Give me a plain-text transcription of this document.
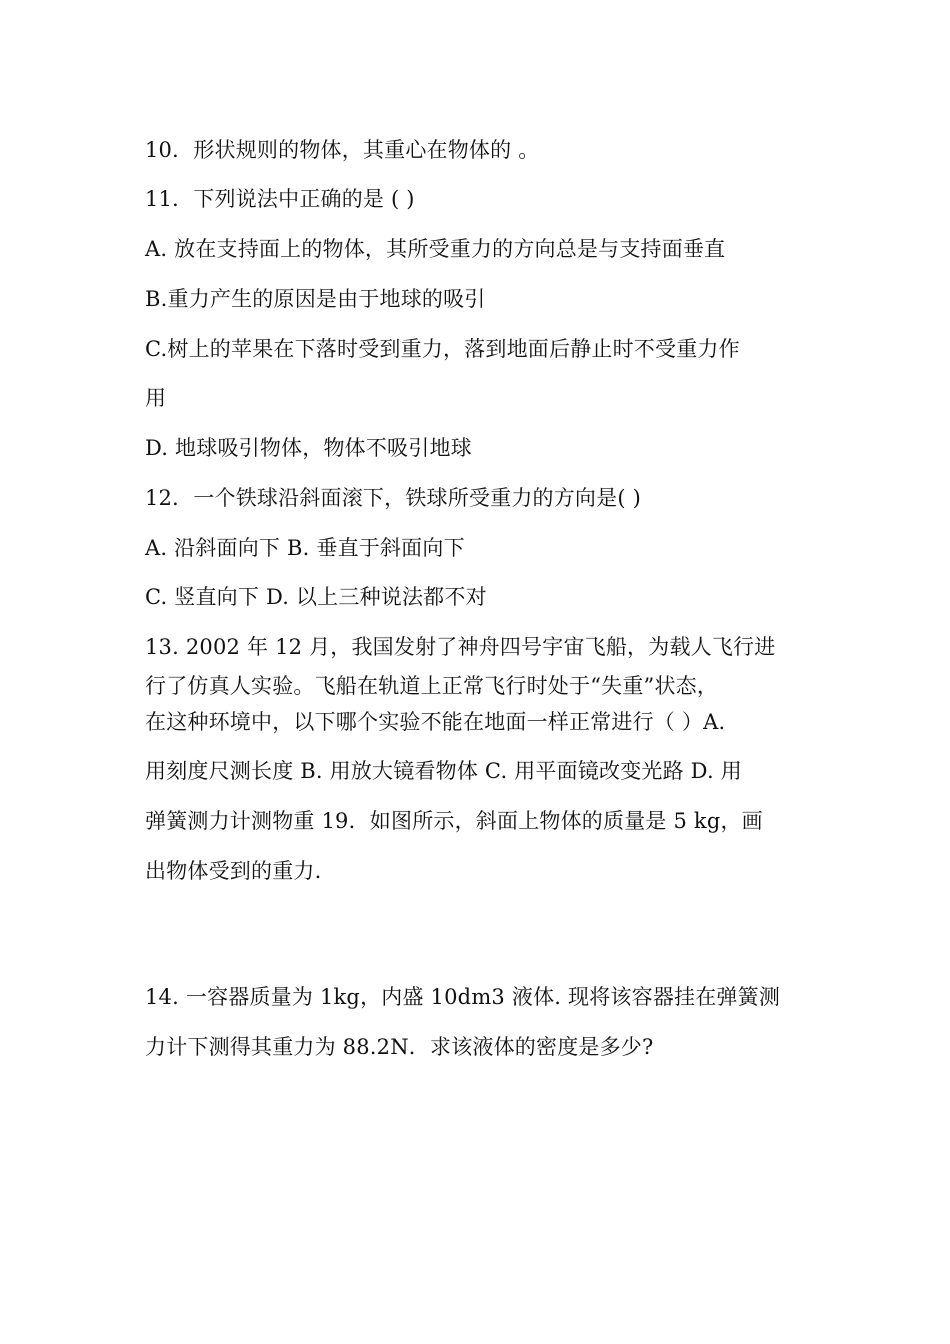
10．形状规则的物体，其重心在物体的 。
11．下列说法中正确的是 ( )
A. 放在支持面上的物体，其所受重力的方向总是与支持面垂直
B.重力产生的原因是由于地球的吸引
C.树上的苹果在下落时受到重力，落到地面后静止时不受重力作
用
D. 地球吸引物体，物体不吸引地球
12．一个铁球沿斜面滚下，铁球所受重力的方向是( )
A. 沿斜面向下 B. 垂直于斜面向下
C. 竖直向下 D. 以上三种说法都不对
13. 2002 年 12 月，我国发射了神舟四号宇宙飞船，为载人飞行进
行了仿真人实验。飞船在轨道上正常飞行时处于“失重”状态，
在这种环境中，以下哪个实验不能在地面一样正常进行（ ）A.
用刻度尺测长度 B. 用放大镜看物体 C. 用平面镜改变光路 D. 用
弹簧测力计测物重 19．如图所示，斜面上物体的质量是 5 kg，画
出物体受到的重力.
14. 一容器质量为 1kg，内盛 10dm3 液体. 现将该容器挂在弹簧测
力计下测得其重力为 88.2N．求该液体的密度是多少?
